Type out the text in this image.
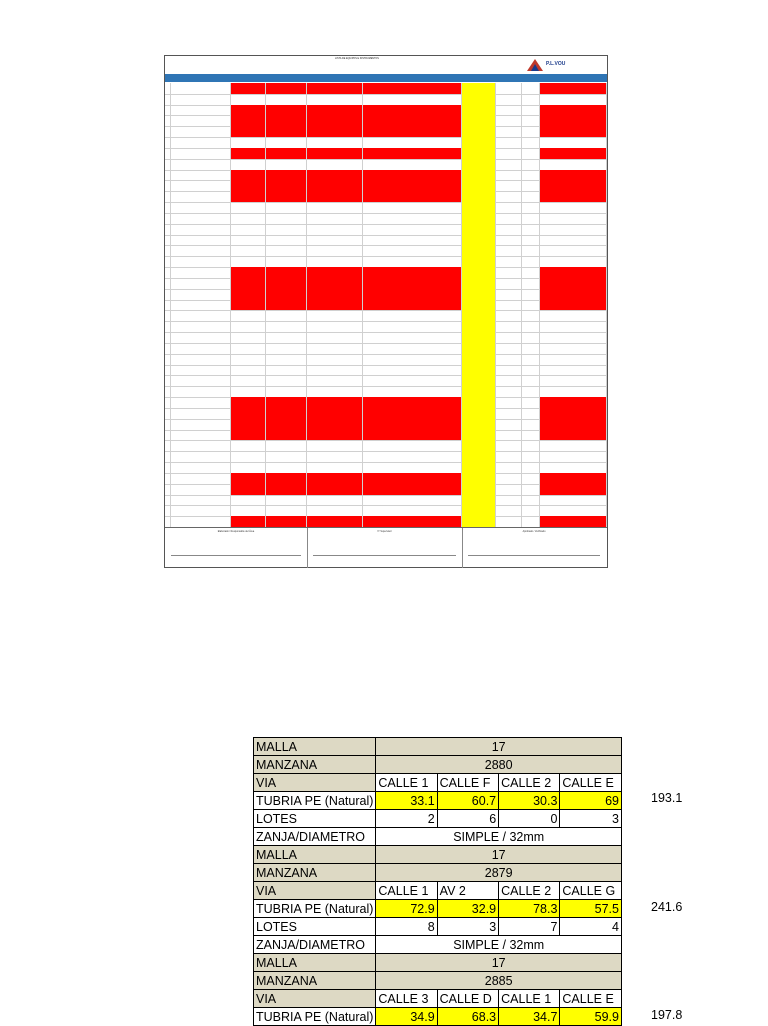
LISTA DE EQUIPOS E INSTRUMENTOS
P.L.VOU
Elaborado / Responsable del Área	Vº Supervisor	Aprobado / Verificado
MALLA	17			
MANZANA	2880			
VIA	CALLE 1	CALLE F	CALLE 2	CALLE E
TUBRIA PE (Natural)	33.1	60.7	30.3	69
LOTES	2	6	0	3
ZANJA/DIAMETRO	SIMPLE / 32mm			
MALLA	17			
MANZANA	2879			
VIA	CALLE 1	AV 2	CALLE 2	CALLE G
TUBRIA PE (Natural)	72.9	32.9	78.3	57.5
LOTES	8	3	7	4
ZANJA/DIAMETRO	SIMPLE / 32mm			
MALLA	17			
MANZANA	2885			
VIA	CALLE 3	CALLE D	CALLE 1	CALLE E
TUBRIA PE (Natural)	34.9	68.3	34.7	59.9
193.1
241.6
197.8
